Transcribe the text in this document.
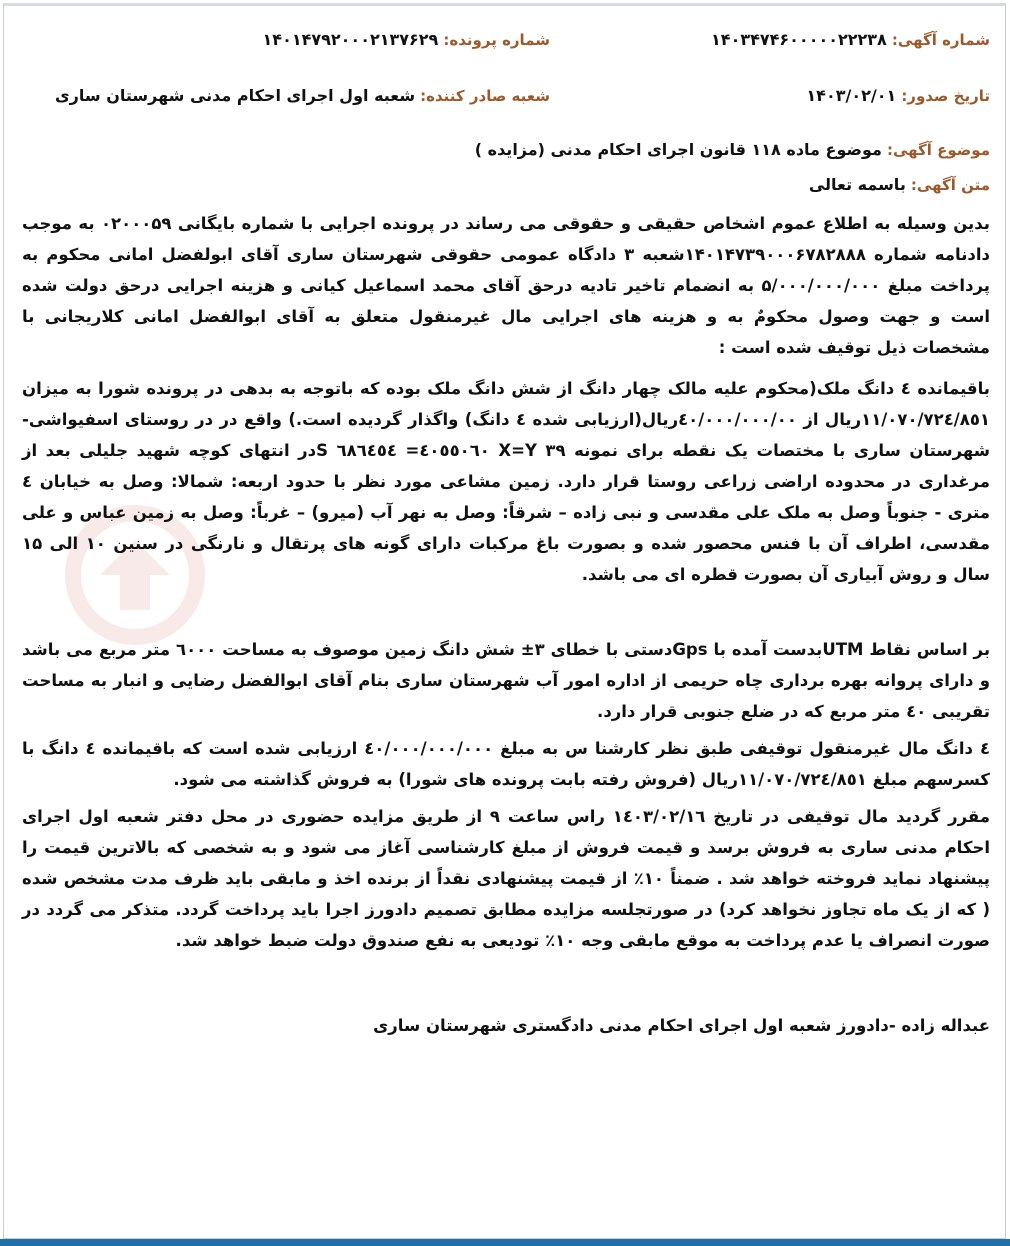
شماره آگهی: ۱۴۰۳۴۷۴۶۰۰۰۰۰۲۲۲۳۸
شماره پرونده: ۱۴۰۱۴۷۹۲۰۰۰۲۱۳۷۶۲۹
تاریخ صدور: ۱۴۰۳/۰۲/۰۱
شعبه صادر کننده: شعبه اول اجرای احکام مدنی شهرستان ساری
موضوع آگهی: موضوع ماده ۱۱۸ قانون اجرای احکام مدنی (مزایده )
متن آگهی: باسمه تعالی

بدین وسیله به اطلاع عموم اشخاص حقیقی و حقوقی می رساند در پرونده اجرایی با شماره بایگانی ۰۲۰۰۰۵۹ به موجب دادنامه شماره ۱۴۰۱۴۷۳۹۰۰۰۶۷۸۲۸۸۸شعبه ۳ دادگاه عمومی حقوقی شهرستان ساری آقای ابولفضل امانی محکوم به پرداخت مبلغ ۵/۰۰۰/۰۰۰/۰۰۰ به انضمام تاخیر تادیه درحق آقای محمد اسماعیل کیانی و هزینه اجرایی درحق دولت شده است و جهت وصول محکومٌ به و هزینه های اجرایی مال غیرمنقول متعلق به آقای ابوالفضل امانی کلاریجانی با مشخصات ذیل توقیف شده است :

باقیمانده ٤ دانگ ملک(محکوم علیه مالک چهار دانگ از شش دانگ ملک بوده که باتوجه به بدهی در پرونده شورا به میزان ۱۱/۰۷۰/۷۲٤/۸٥۱ریال از ٤۰/۰۰۰/۰۰۰/۰۰ریال(ارزیابی شده ٤ دانگ) واگذار گردیده است.) واقع در در روستای اسفیواشی-شهرستان ساری با مختصات یک نقطه برای نمونه ۳۹ Y=٤۰٥٥۰٦۰ X= ٦۸٦٤٥٤ Sدر انتهای کوچه شهید جلیلی بعد از مرغداری در محدوده اراضی زراعی روستا قرار دارد. زمین مشاعی مورد نظر با حدود اربعه: شمالا: وصل به خیابان ٤ متری - جنوباً وصل به ملک علی مقدسی و نبی زاده – شرقاً: وصل به نهر آب (میرو) – غرباً: وصل به زمین عباس و علی مقدسی، اطراف آن با فنس محصور شده و بصورت باغ مرکبات دارای گونه های پرتقال و نارنگی در سنین ۱۰ الی ۱۵ سال و روش آبیاری آن بصورت قطره ای می باشد.

بر اساس نقاط UTMبدست آمده با Gpsدستی با خطای ۳± شش دانگ زمین موصوف به مساحت ٦۰۰۰ متر مربع می باشد و دارای پروانه بهره برداری چاه حریمی از اداره امور آب شهرستان ساری بنام آقای ابوالفضل رضایی و انبار به مساحت تقریبی ٤۰ متر مربع که در ضلع جنوبی قرار دارد.

٤ دانگ مال غیرمنقول توقیفی طبق نظر کارشنا س به مبلغ ٤۰/۰۰۰/۰۰۰/۰۰۰ ارزیابی شده است که باقیمانده ٤ دانگ با کسرسهم مبلغ ۱۱/۰۷۰/۷۲٤/۸٥۱ریال (فروش رفته بابت پرونده های شورا) به فروش گذاشته می شود.

مقرر گردید مال توقیفی در تاریخ ۱٤۰۳/۰۲/۱٦ راس ساعت ۹ از طریق مزایده حضوری در محل دفتر شعبه اول اجرای احکام مدنی ساری به فروش برسد و قیمت فروش از مبلغ کارشناسی آغاز می شود و به شخصی که بالاترین قیمت را پیشنهاد نماید فروخته خواهد شد . ضمناً ۱۰٪ از قیمت پیشنهادی نقداً از برنده اخذ و مابقی باید ظرف مدت مشخص شده ( که از یک ماه تجاوز نخواهد کرد) در صورتجلسه مزایده مطابق تصمیم دادورز اجرا باید پرداخت گردد. متذکر می گردد در صورت انصراف یا عدم پرداخت به موقع مابقی وجه ۱۰٪ تودیعی به نفع صندوق دولت ضبط خواهد شد.

عبداله زاده -دادورز شعبه اول اجرای احکام مدنی دادگستری شهرستان ساری
